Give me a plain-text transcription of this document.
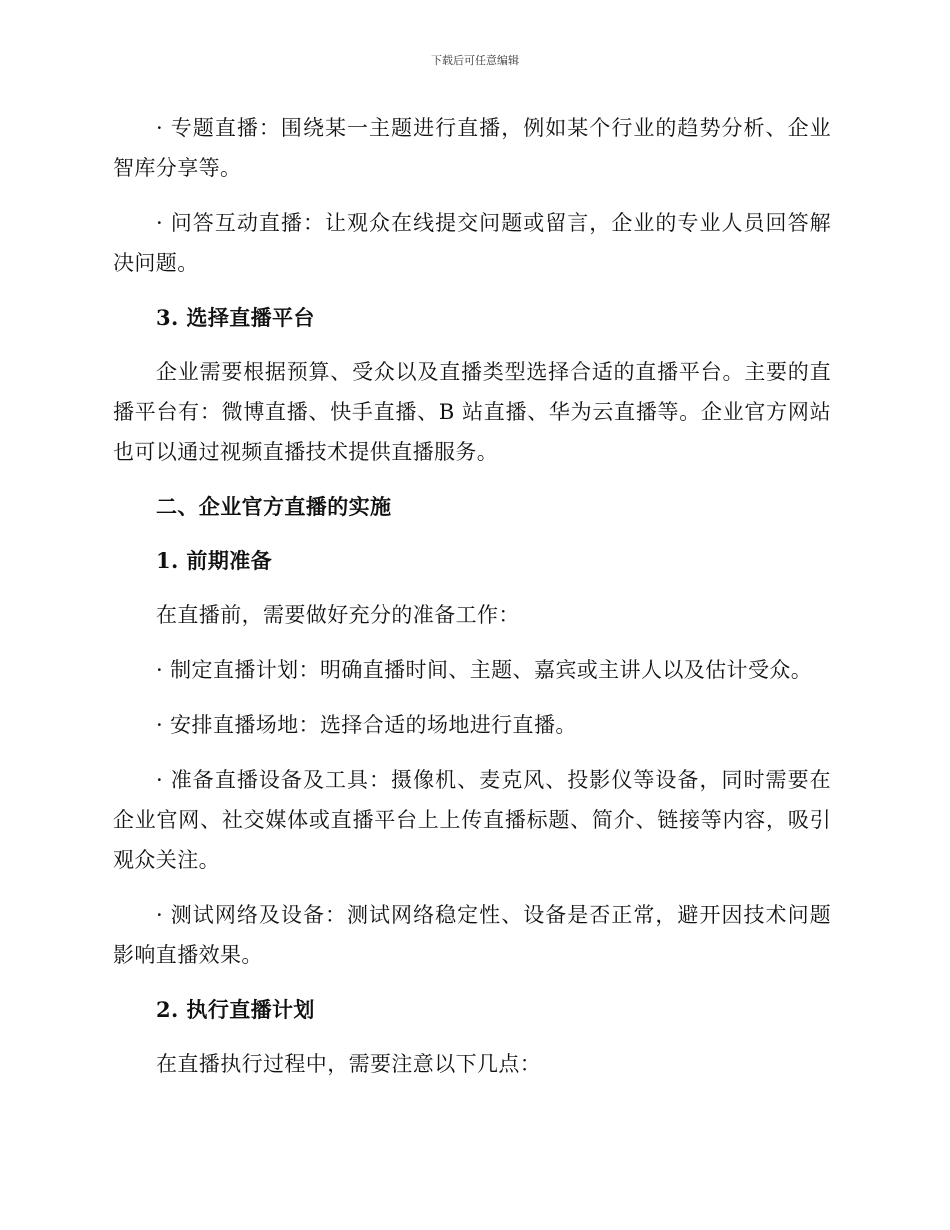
下载后可任意编辑

· 专题直播：围绕某一主题进行直播，例如某个行业的趋势分析、企业智库分享等。

· 问答互动直播：让观众在线提交问题或留言，企业的专业人员回答解决问题。

3. 选择直播平台

企业需要根据预算、受众以及直播类型选择合适的直播平台。主要的直播平台有：微博直播、快手直播、B 站直播、华为云直播等。企业官方网站也可以通过视频直播技术提供直播服务。

二、企业官方直播的实施

1. 前期准备

在直播前，需要做好充分的准备工作：

· 制定直播计划：明确直播时间、主题、嘉宾或主讲人以及估计受众。

· 安排直播场地：选择合适的场地进行直播。

· 准备直播设备及工具：摄像机、麦克风、投影仪等设备，同时需要在企业官网、社交媒体或直播平台上上传直播标题、简介、链接等内容，吸引观众关注。

· 测试网络及设备：测试网络稳定性、设备是否正常，避开因技术问题影响直播效果。

2. 执行直播计划

在直播执行过程中，需要注意以下几点：
